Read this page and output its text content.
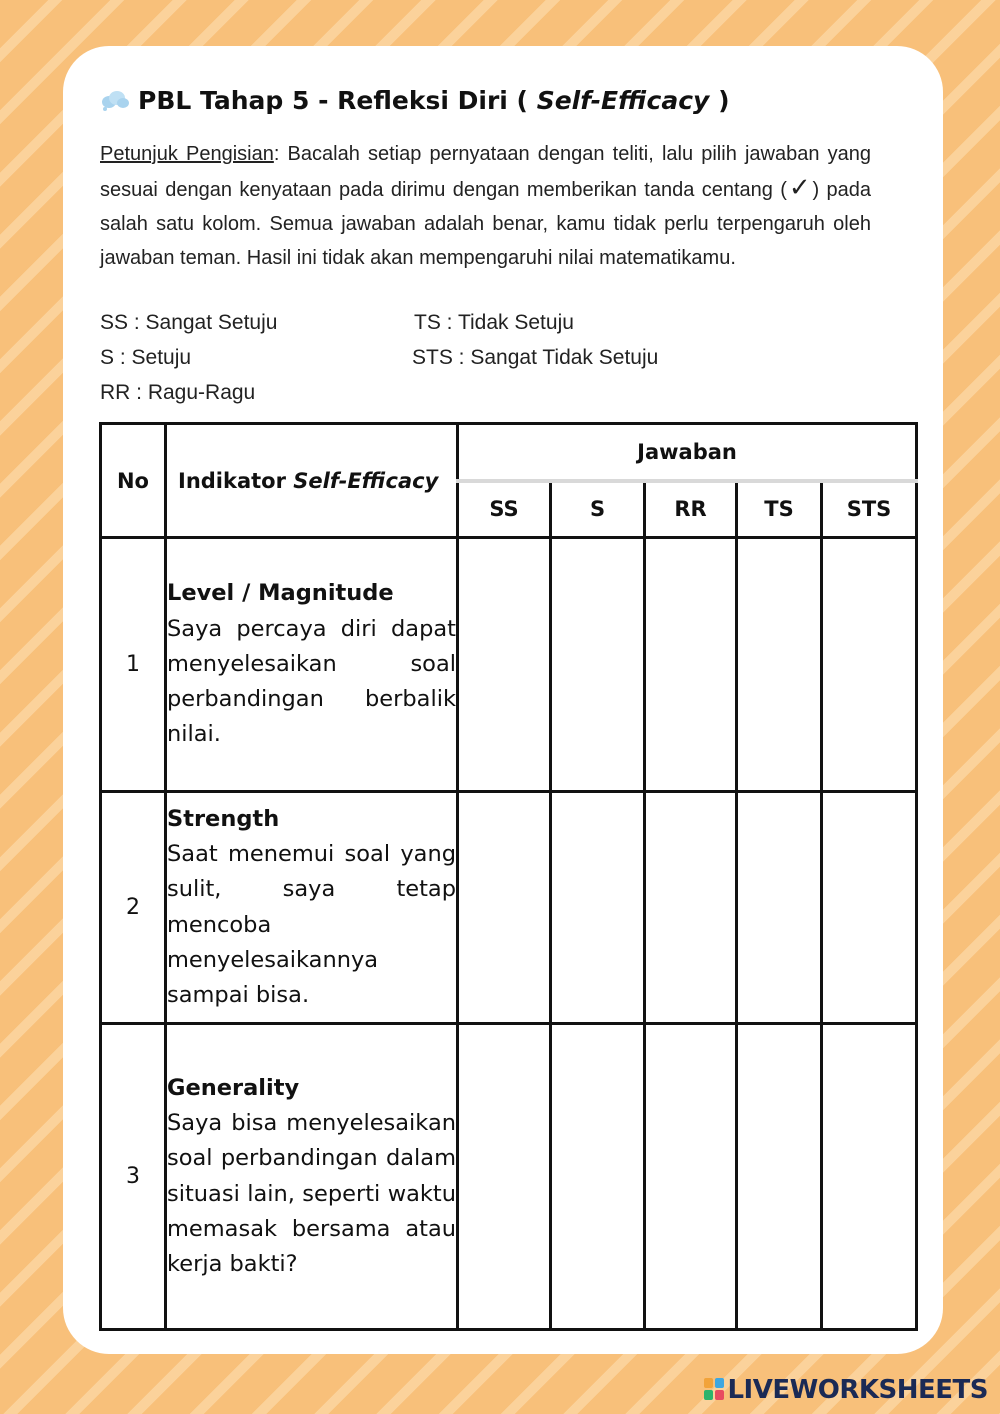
PBL Tahap 5 - Refleksi Diri ( Self-Efficacy )
Petunjuk Pengisian: Bacalah setiap pernyataan dengan teliti, lalu pilih jawaban yang sesuai dengan kenyataan pada dirimu dengan memberikan tanda centang (✓) pada salah satu kolom. Semua jawaban adalah benar, kamu tidak perlu terpengaruh oleh jawaban teman. Hasil ini tidak akan mempengaruhi nilai matematikamu.
SS : Sangat Setuju	TS : Tidak Setuju
S : Setuju	STS : Sangat Tidak Setuju
RR : Ragu-Ragu
No	Indikator Self-Efficacy	Jawaban				
		SS	S	RR	TS	STS
1	Level / Magnitude
Saya percaya diri dapat menyelesaikan soal perbandingan berbalik nilai.					

2	Strength
Saat menemui soal yang sulit, saya tetap mencoba menyelesaikannya sampai bisa.					

3	Generality
Saya bisa menyelesaikan soal perbandingan dalam situasi lain, seperti waktu memasak bersama atau kerja bakti?					

LIVEWORKSHEETS
